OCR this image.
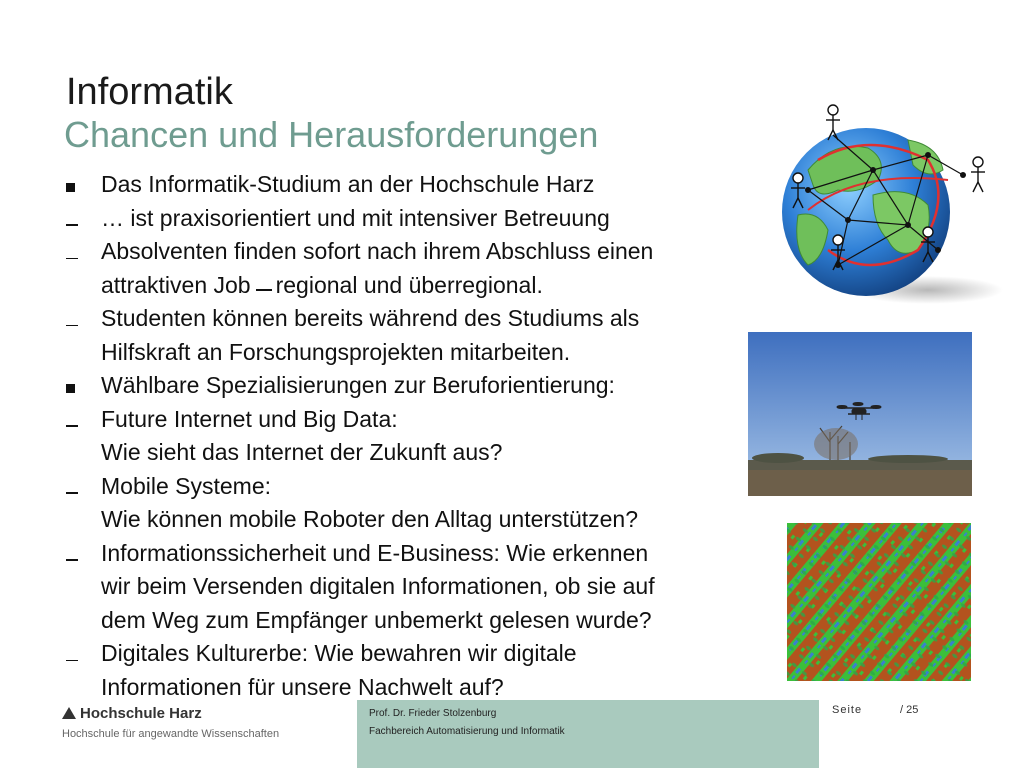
Informatik
Chancen und Herausforderungen
Das Informatik-Studium an der Hochschule Harz
… ist praxisorientiert und mit intensiver Betreuung
Absolventen finden sofort nach ihrem Abschluss einen
attraktiven Job regional und überregional.
Studenten können bereits während des Studiums als
Hilfskraft an Forschungsprojekten mitarbeiten.
Wählbare Spezialisierungen zur Beruforientierung:
Future Internet und Big Data:
Wie sieht das Internet der Zukunft aus?
Mobile Systeme:
Wie können mobile Roboter den Alltag unterstützen?
Informationssicherheit und E-Business: Wie erkennen
wir beim Versenden digitalen Informationen, ob sie auf
dem Weg zum Empfänger unbemerkt gelesen wurde?
Digitales Kulturerbe: Wie bewahren wir digitale
Informationen für unsere Nachwelt auf?
Hochschule Harz
Hochschule für angewandte Wissenschaften
Prof. Dr. Frieder Stolzenburg
Fachbereich Automatisierung und Informatik
Seite	/ 25
